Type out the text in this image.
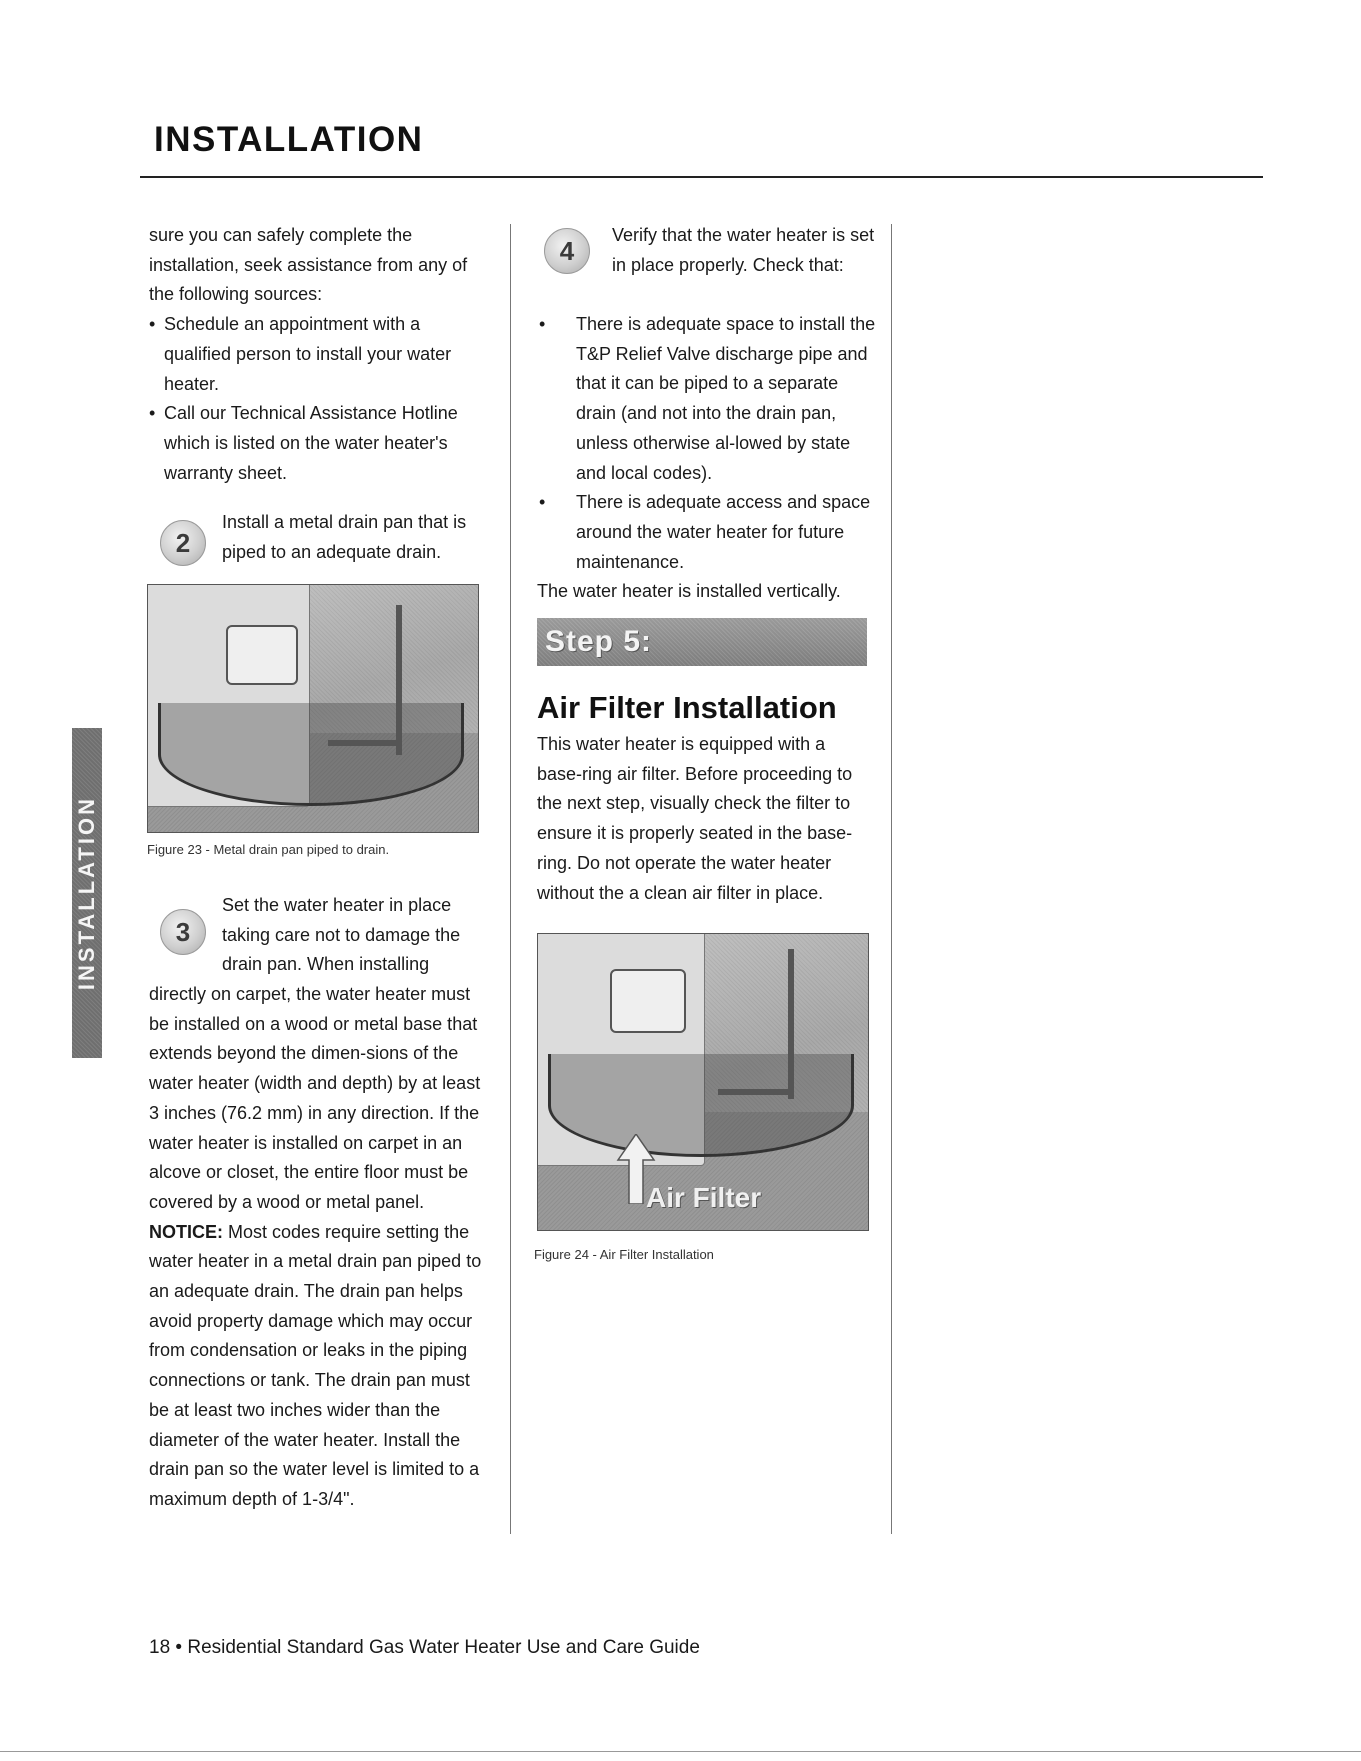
INSTALLATION
INSTALLATION

sure you can safely complete the installation, seek assistance from any of the following sources:

• Schedule an appointment with a qualified person to install your water heater.
• Call our Technical Assistance Hotline which is listed on the water heater's warranty sheet.
2
Install a metal drain pan that is piped to an adequate drain.
Figure 23 - Metal drain pan piped to drain.
3
Set the water heater in place taking care not to damage the drain pan. When installing

directly on carpet, the water heater must be installed on a wood or metal base that extends beyond the dimen-sions of the water heater (width and depth) by at least 3 inches (76.2 mm) in any direction. If the water heater is installed on carpet in an alcove or closet, the entire floor must be covered by a wood or metal panel.

NOTICE: Most codes require setting the water heater in a metal drain pan piped to an adequate drain. The drain pan helps avoid property damage which may occur from condensation or leaks in the piping connections or tank. The drain pan must be at least two inches wider than the diameter of the water heater. Install the drain pan so the water level is limited to a maximum depth of 1-3/4".

4
Verify that the water heater is set in place properly. Check that:
• There is adequate space to install the T&P Relief Valve discharge pipe and that it can be piped to a separate drain (and not into the drain pan, unless otherwise al-lowed by state and local codes).
• There is adequate access and space around the water heater for future maintenance.

The water heater is installed vertically.

Step 5:
Air Filter Installation
This water heater is equipped with a base-ring air filter. Before proceeding to the next step, visually check the filter to ensure it is properly seated in the base-ring. Do not operate the water heater without the a clean air filter in place.
Air Filter
Figure 24 - Air Filter Installation
18 • Residential Standard Gas Water Heater Use and Care Guide
